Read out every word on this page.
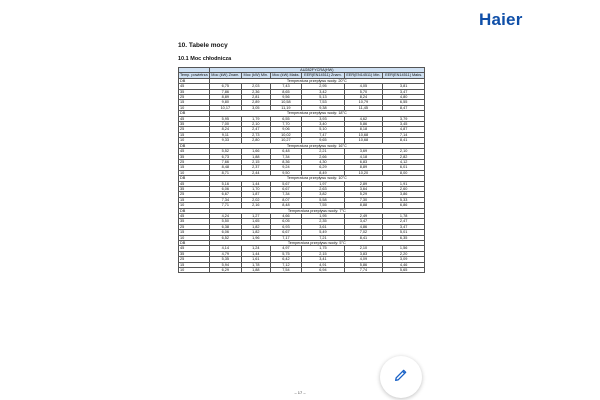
Haier
10. Tabele mocy
10.1 Moc chłodnicza
	AU282FYCRA(HW)					
Temp. powietrza	Moc (kW) Znam.	Moc (kW) Min.	Moc (kW) Maks.	EER(EN14511) Znam.	EER(EN14511) Min.	EER(EN14511) Maks.
DB	Temperatura przepływu wody: 20°C					
45	6,75	2,03	7,43	2,95	4,05	3,81
35	7,86	2,36	8,65	3,42	5,70	3,47
25	8,89	2,81	9,56	5,13	8,24	4,80
15	9,80	2,89	10,58	7,53	10,79	6,55
10	10,17	3,05	11,19	9,38	11,45	8,47
DB	Temperatura przepływu wody: 18°C					
45	5,95	1,79	6,55	3,93	4,62	3,79
35	7,00	2,10	7,70	3,40	5,86	3,45
25	8,24	2,47	9,06	5,10	8,18	4,87
15	9,11	2,73	10,02	7,47	10,68	7,14
10	9,33	2,80	10,27	9,65	10,68	8,41
DB	Temperatura przepływu wody: 16°C					
45	5,52	1,66	6,48	2,21	3,69	2,10
35	6,73	1,88	7,34	2,66	4,18	2,82
25	7,66	2,15	8,36	4,30	6,83	4,12
15	8,48	2,37	9,24	6,29	8,89	6,01
10	8,71	2,44	9,50	8,49	10,20	8,00
DB	Temperatura przepływu wody: 10°C					
45	5,16	1,44	5,67	1,97	2,89	1,91
35	6,06	1,70	6,67	2,63	3,64	2,60
25	6,67	1,87	7,34	3,82	5,29	3,86
15	7,34	2,02	8,07	5,58	7,30	5,33
10	7,71	2,16	8,48	7,55	8,88	6,86
DB	Temperatura przepływu wody: 7°C					
45	4,24	1,27	4,66	1,95	2,49	1,78
35	5,50	1,65	6,05	2,35	3,47	2,47
25	6,38	1,82	6,93	3,61	4,86	3,47
15	6,06	1,82	6,67	5,49	7,02	5,01
10	6,52	1,96	7,17	7,21	8,41	6,35
DB	Temperatura przepływu wody: 5°C					
45	4,14	1,24	4,97	1,75	2,10	1,56
35	4,79	1,44	5,75	2,15	3,83	2,20
25	5,35	1,61	6,42	3,41	4,09	3,09
15	5,94	1,78	7,12	4,91	5,86	4,46
10	6,29	1,88	7,54	6,94	7,74	5,65
– 17 –
